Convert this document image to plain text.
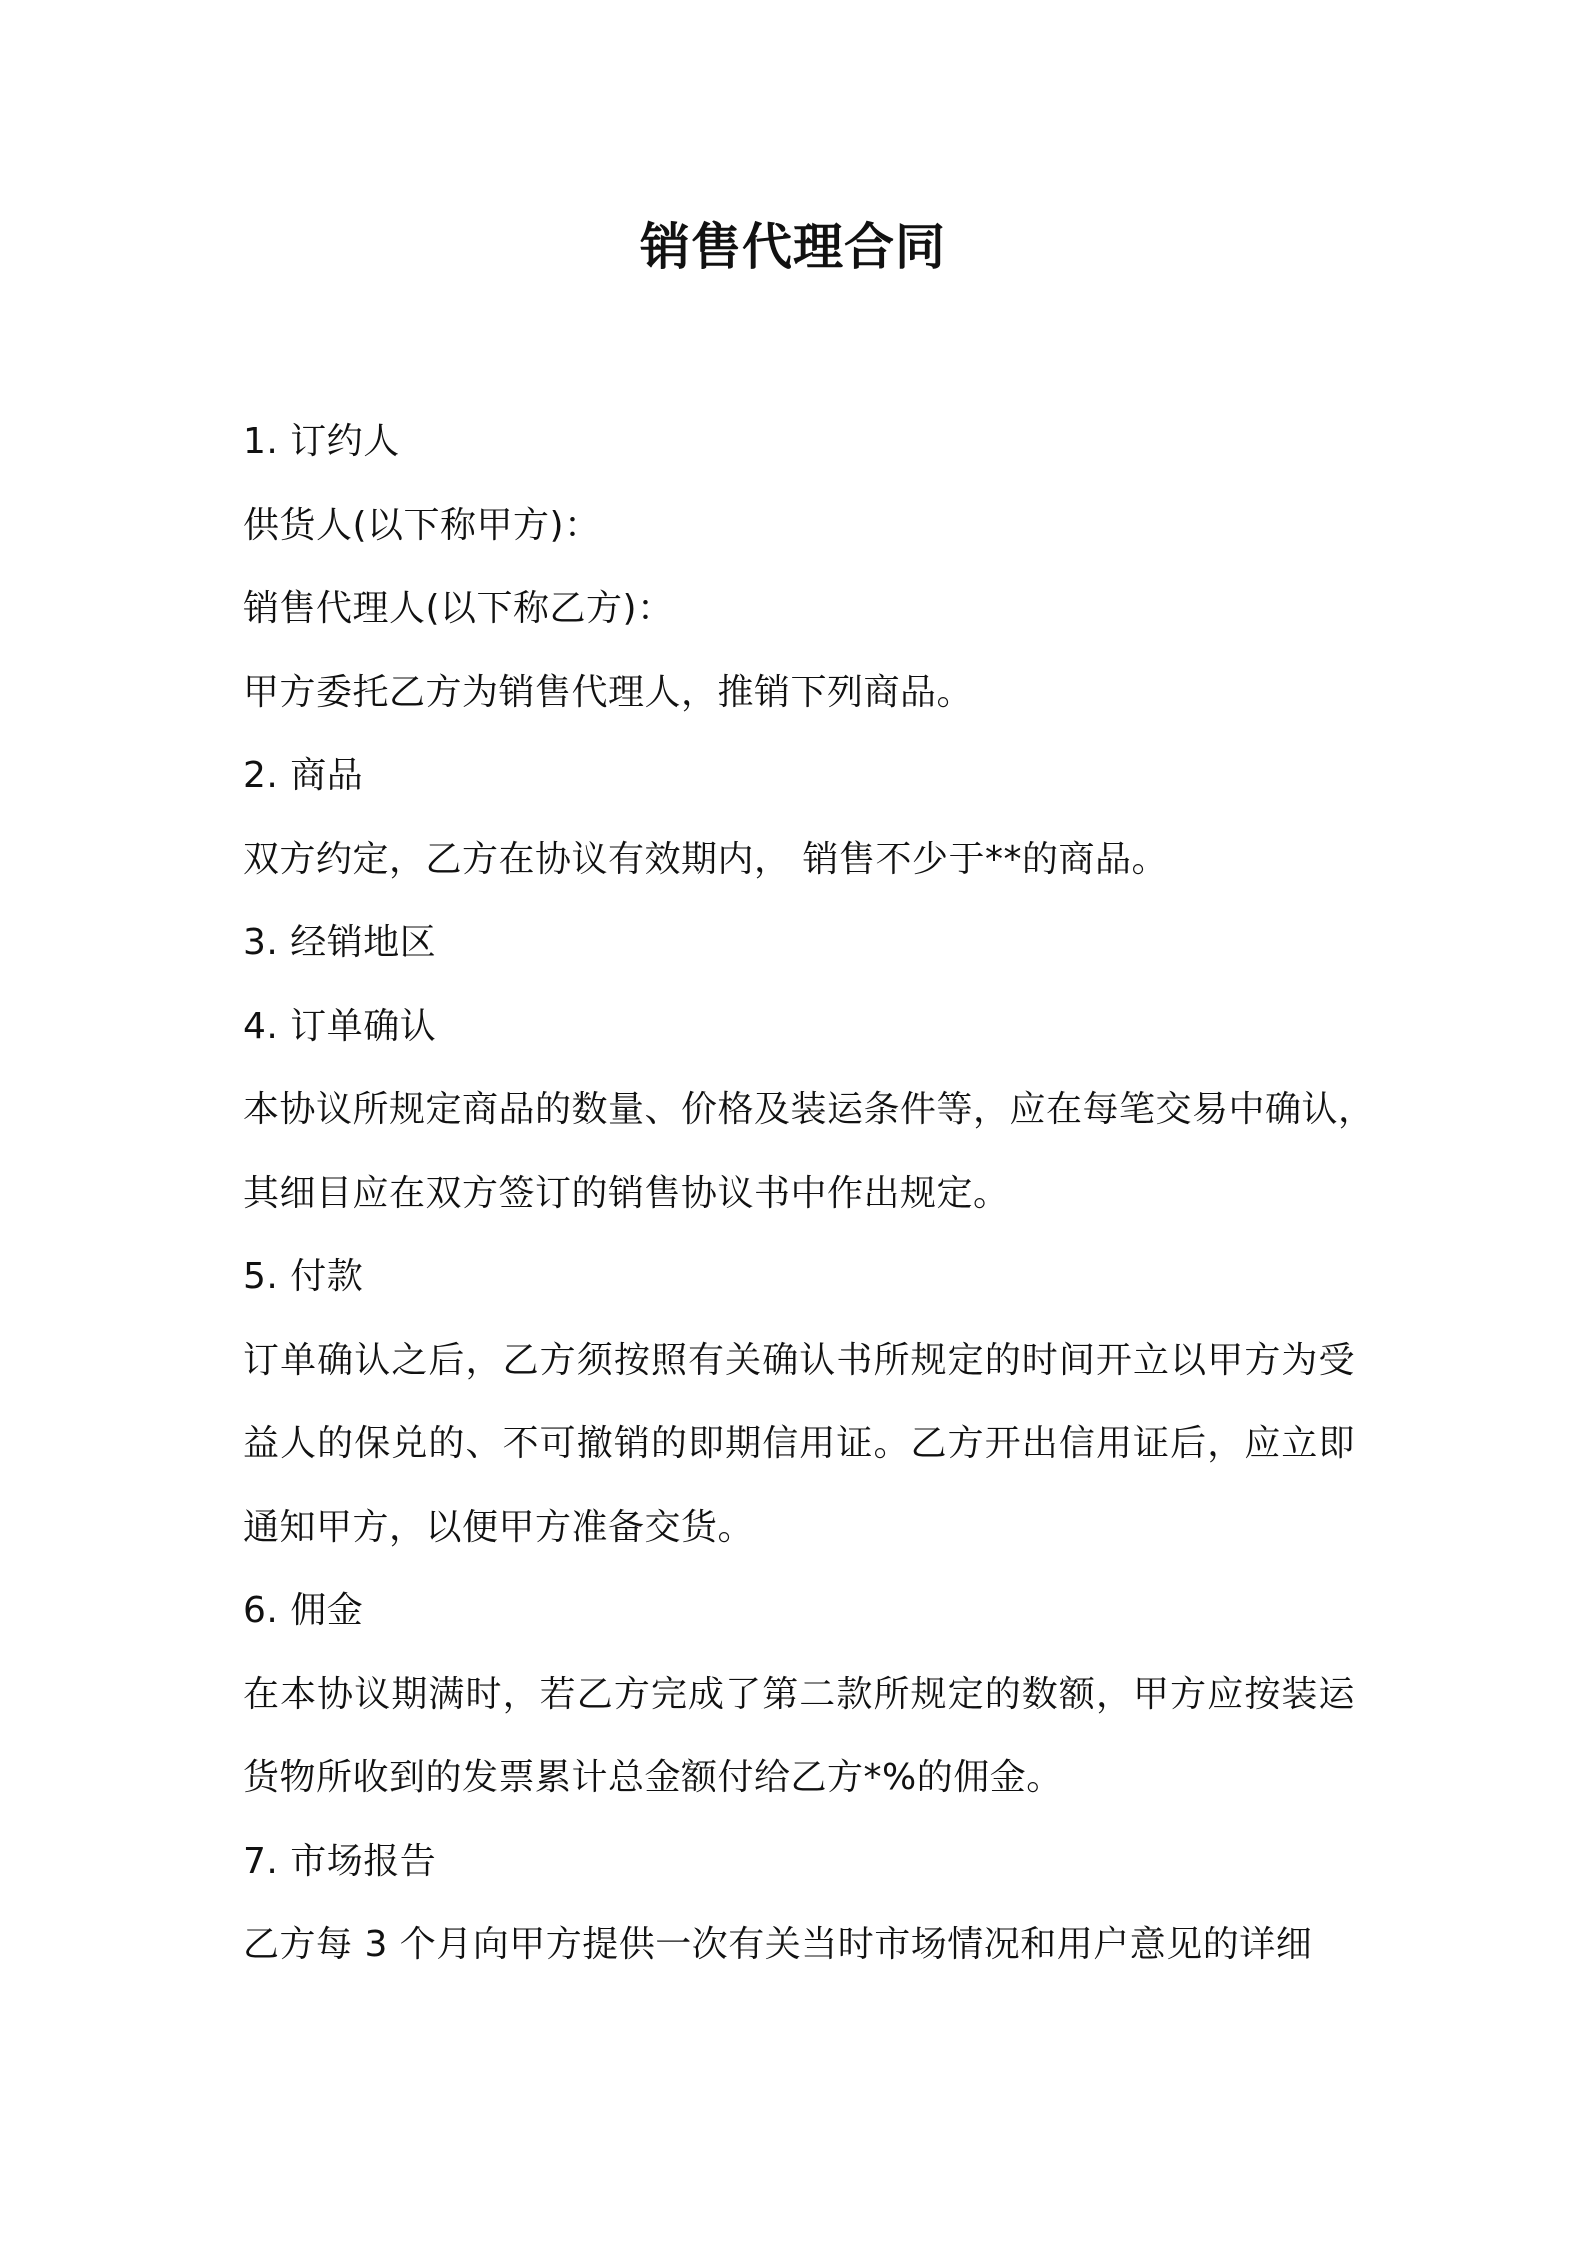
销售代理合同
1. 订约人
供货人(以下称甲方)：
销售代理人(以下称乙方)：
甲方委托乙方为销售代理人，推销下列商品。
2. 商品
双方约定，乙方在协议有效期内， 销售不少于**的商品。
3. 经销地区
4. 订单确认
本协议所规定商品的数量、价格及装运条件等，应在每笔交易中确认，
其细目应在双方签订的销售协议书中作出规定。
5. 付款
订单确认之后，乙方须按照有关确认书所规定的时间开立以甲方为受
益人的保兑的、不可撤销的即期信用证。乙方开出信用证后，应立即
通知甲方，以便甲方准备交货。
6. 佣金
在本协议期满时，若乙方完成了第二款所规定的数额，甲方应按装运
货物所收到的发票累计总金额付给乙方*%的佣金。
7. 市场报告
乙方每 3 个月向甲方提供一次有关当时市场情况和用户意见的详细
